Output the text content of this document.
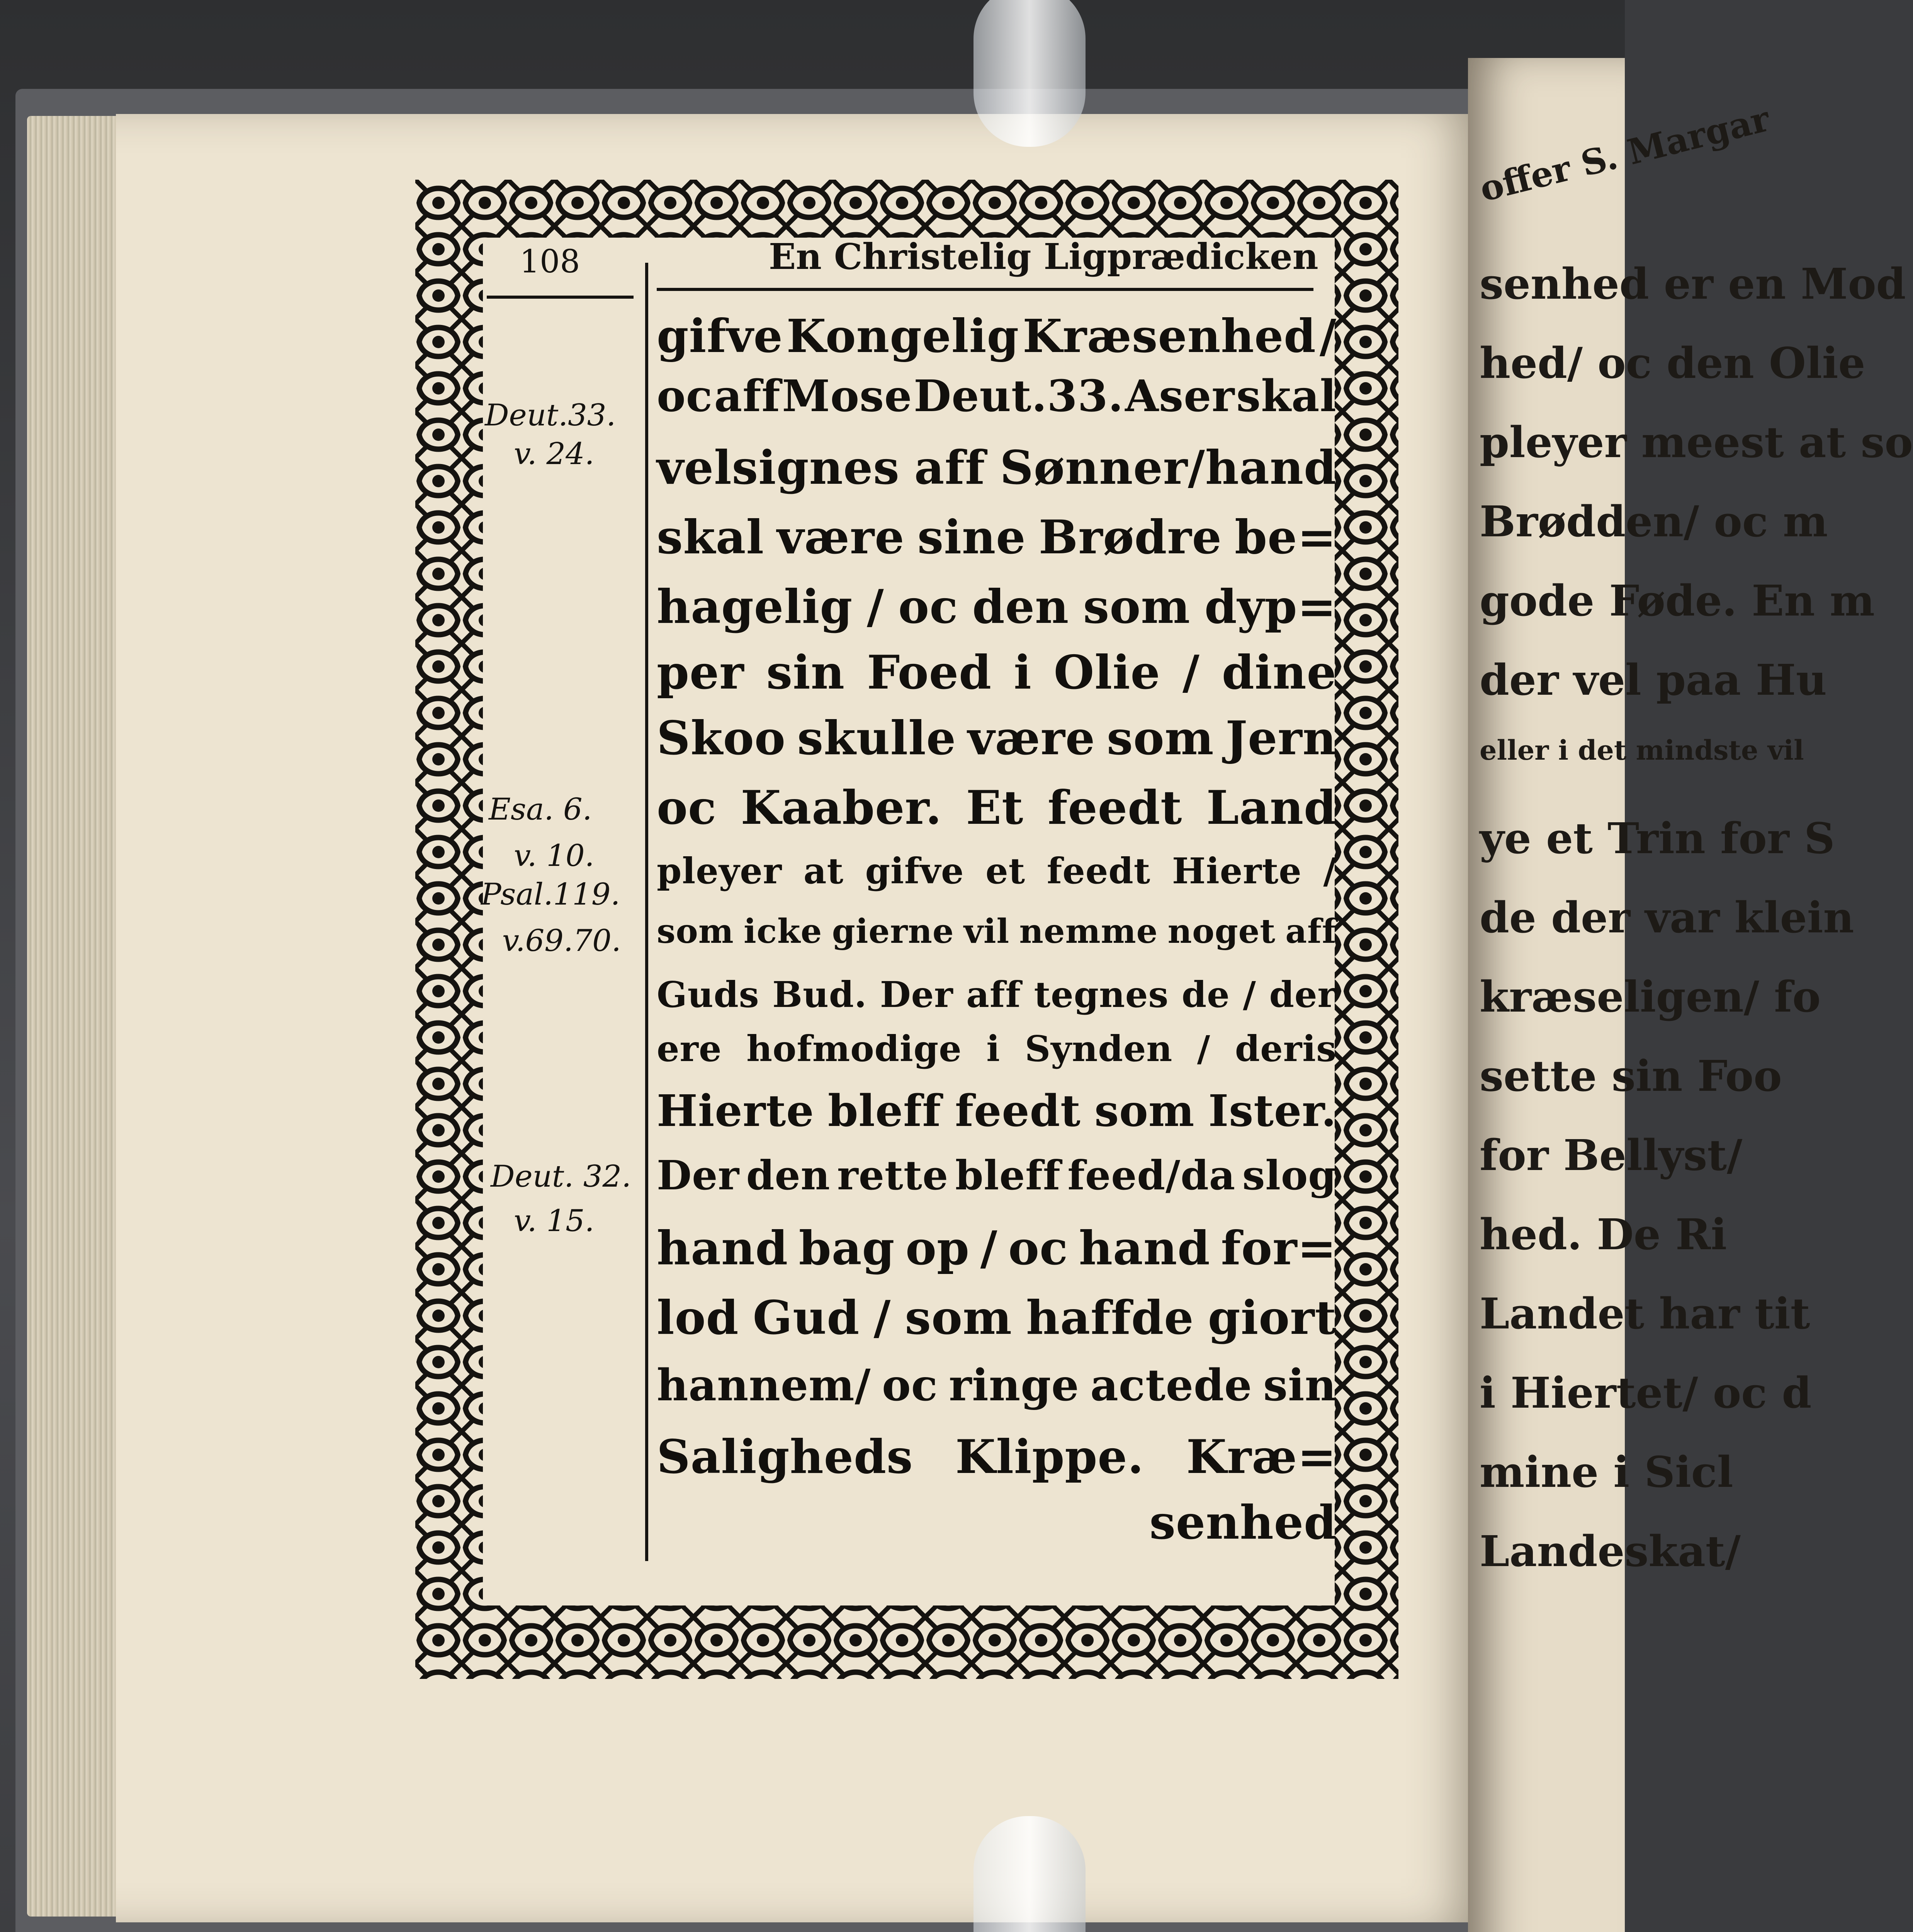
offer S. Margar
senhed er en Mod
hed/ oc den Olie
pleyer meest at so
Brødden/ oc m
gode Føde. En m
der vel paa Hu
eller i det mindste vil
ye et Trin for S
de der var klein
kræseligen/ fo
sette sin Foo
for Bellyst/
hed. De Ri
Landet har tit
i Hiertet/ oc d
mine i Sicl
Landeskat/
108	En Christelig Ligprædicken
Deut.33.
v. 24.
Esa. 6.
v. 10.
Psal.119.
v.69.70.
Deut. 32.
v. 15.
gifve Kongelig Kræsenhed /
oc aff Mose Deut.33. Aser skal
velsignes aff Sønner/hand
skal være sine Brødre be=
hagelig / oc den som dyp=
per sin Foed i Olie / dine
Skoo skulle være som Jern
oc Kaaber. Et feedt Land
pleyer at gifve et feedt Hierte /
som icke gierne vil nemme noget aff
Guds Bud. Der aff tegnes de / der
ere hofmodige i Synden / deris
Hierte bleff feedt som Ister.
Der den rette bleff feed/da slog
hand bag op / oc hand for=
lod Gud / som haffde giort
hannem/ oc ringe actede sin
Saligheds Klippe. Kræ=
senhed
